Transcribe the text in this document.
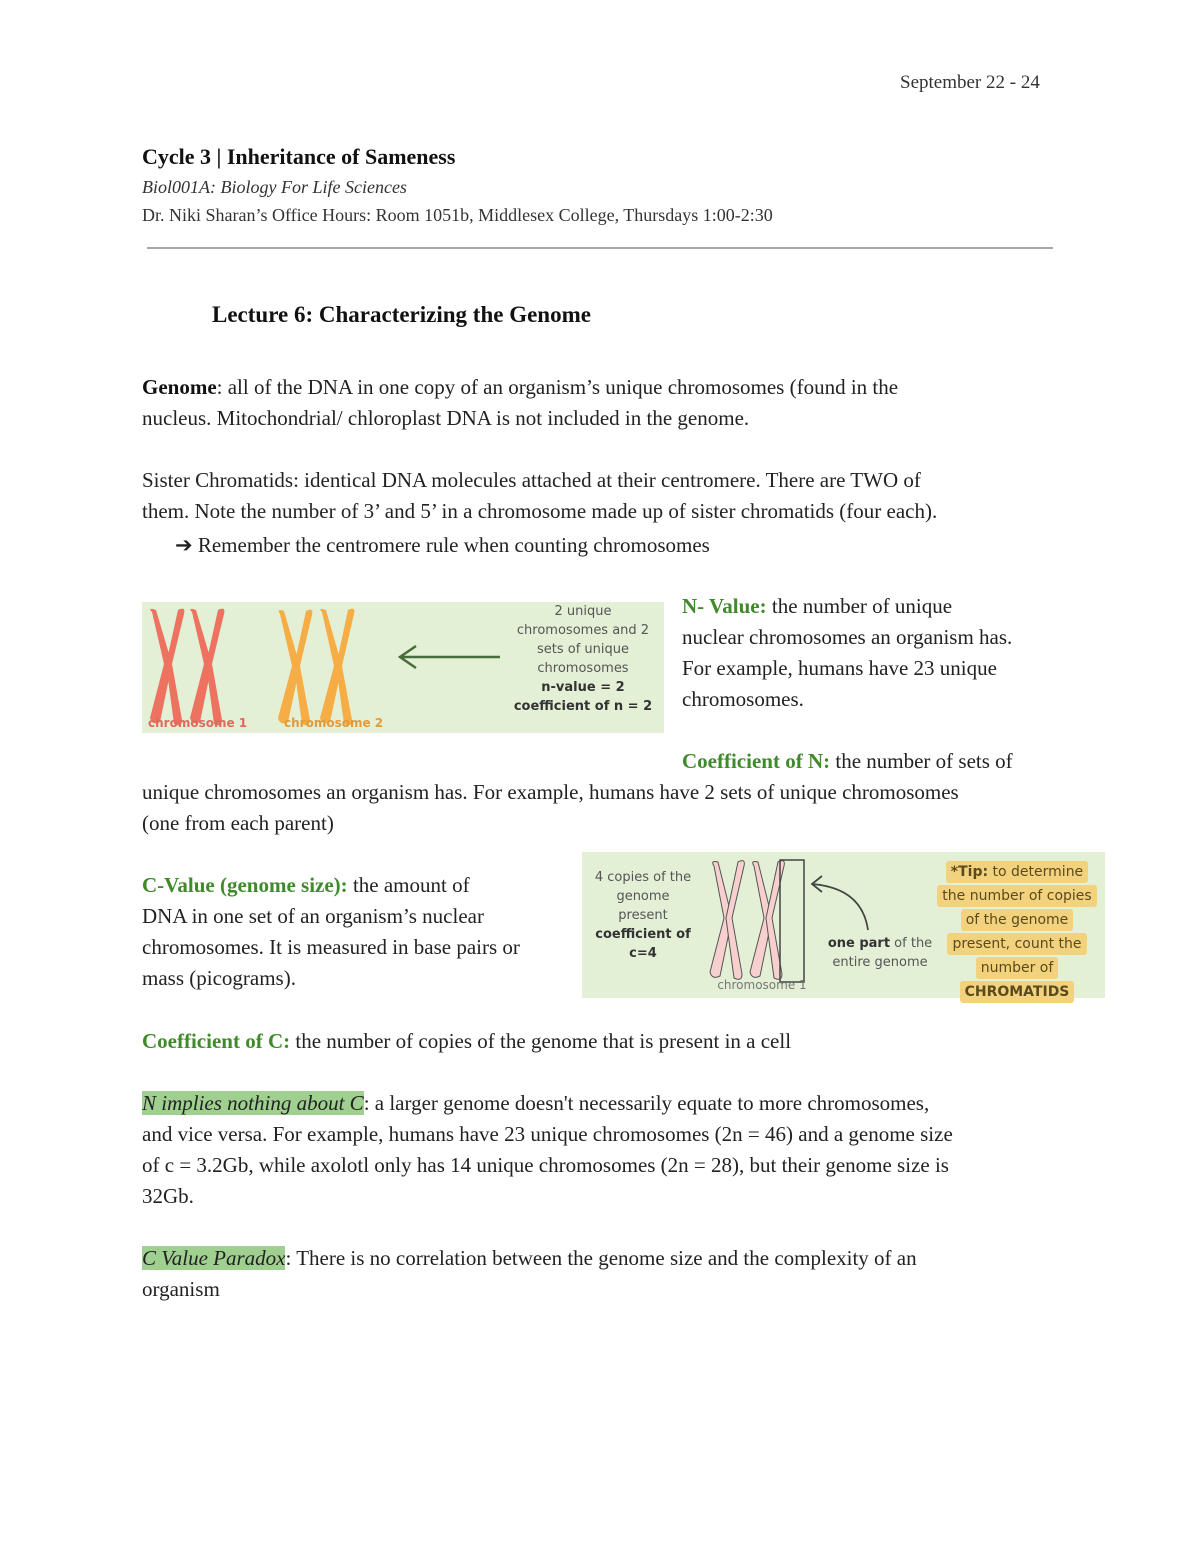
September 22 - 24
Cycle 3 | Inheritance of Sameness
Biol001A: Biology For Life Sciences
Dr. Niki Sharan’s Office Hours: Room 1051b, Middlesex College, Thursdays 1:00-2:30
Lecture 6: Characterizing the Genome
Genome: all of the DNA in one copy of an organism’s unique chromosomes (found in the
nucleus. Mitochondrial/ chloroplast DNA is not included in the genome.
Sister Chromatids: identical DNA molecules attached at their centromere. There are TWO of
them. Note the number of 3’ and 5’ in a chromosome made up of sister chromatids (four each).
➔ Remember the centromere rule when counting chromosomes
chromosome 1	chromosome 2
2 unique
chromosomes and 2
sets of unique
chromosomes
n-value = 2
coefficient of n = 2
N- Value: the number of unique
nuclear chromosomes an organism has.
For example, humans have 23 unique
chromosomes.
Coefficient of N: the number of sets of
unique chromosomes an organism has. For example, humans have 2 sets of unique chromosomes
(one from each parent)
C-Value (genome size): the amount of
DNA in one set of an organism’s nuclear
chromosomes. It is measured in base pairs or
mass (picograms).
4 copies of the
genome
present
coefficient of
c=4
one part of the
entire genome
chromosome 1
*Tip: to determine
the number of copies
of the genome
present, count the
number of
CHROMATIDS
Coefficient of C: the number of copies of the genome that is present in a cell
N implies nothing about C: a larger genome doesn't necessarily equate to more chromosomes,
and vice versa. For example, humans have 23 unique chromosomes (2n = 46) and a genome size
of c = 3.2Gb, while axolotl only has 14 unique chromosomes (2n = 28), but their genome size is
32Gb.
C Value Paradox: There is no correlation between the genome size and the complexity of an
organism
